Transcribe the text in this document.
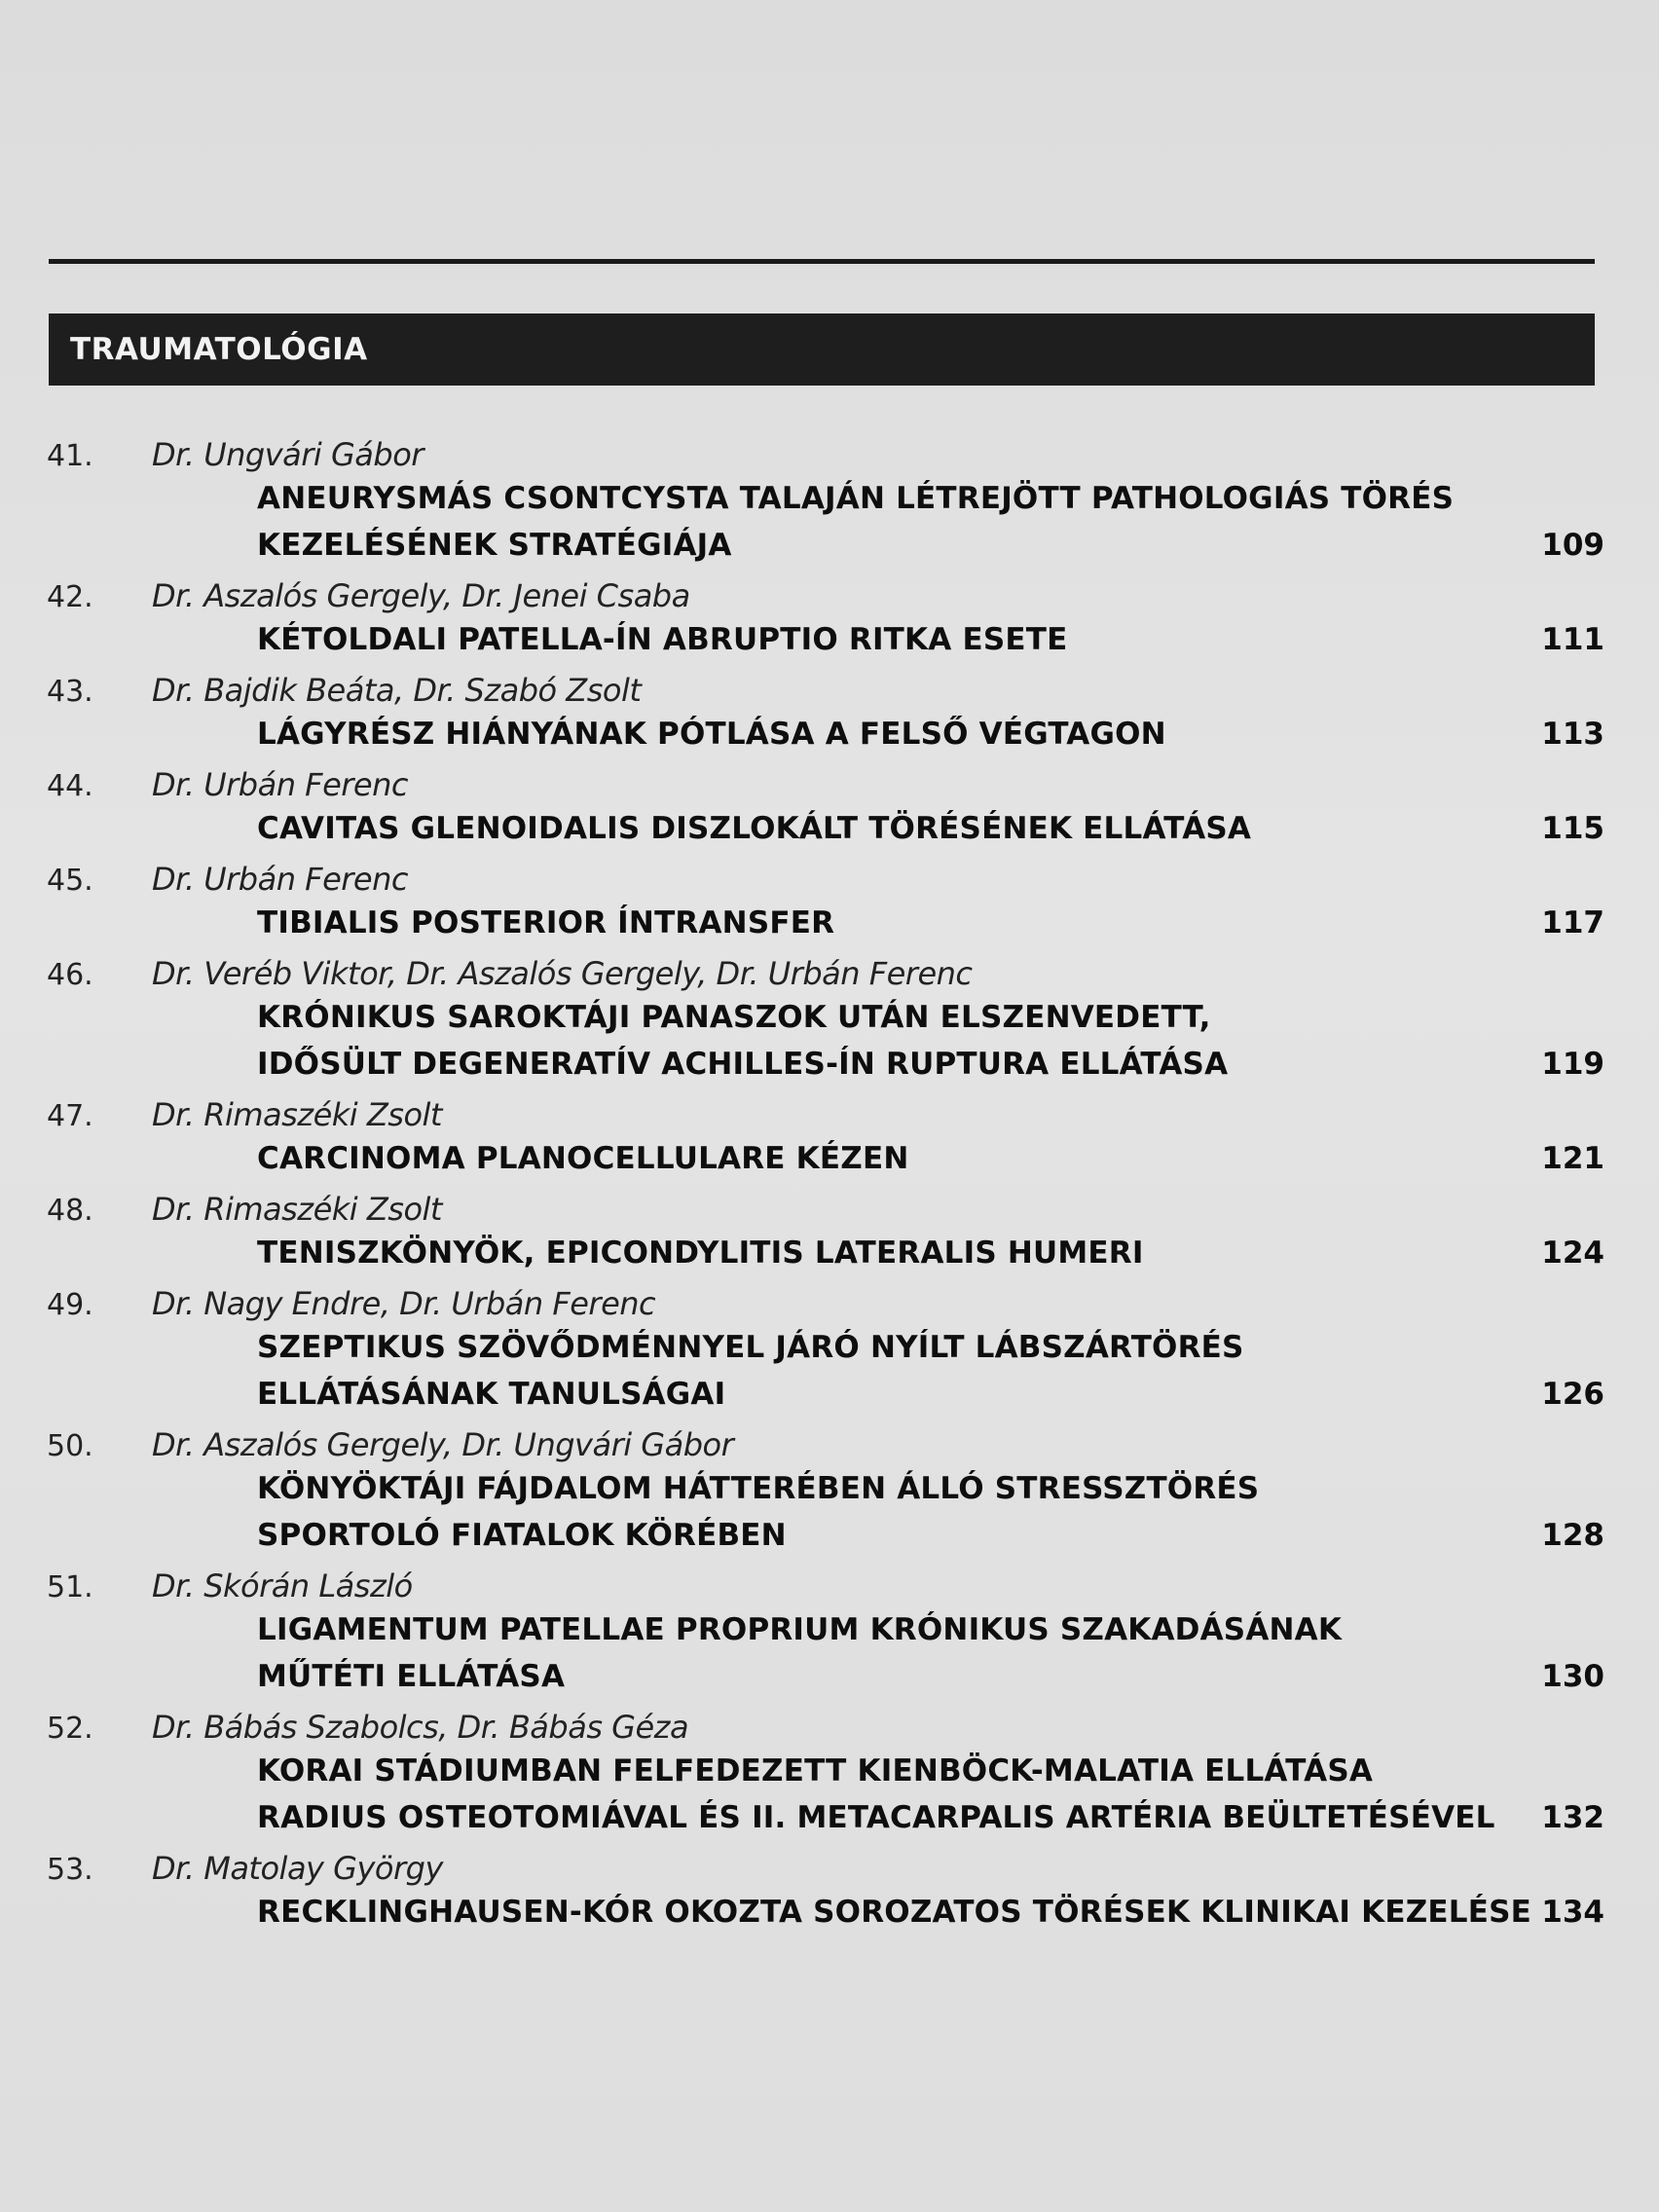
TRAUMATOLÓGIA
41.	Dr. Ungvári Gábor
ANEURYSMÁS CSONTCYSTA TALAJÁN LÉTREJÖTT PATHOLOGIÁS TÖRÉS
KEZELÉSÉNEK STRATÉGIÁJA	109
42.	Dr. Aszalós Gergely, Dr. Jenei Csaba
KÉTOLDALI PATELLA-ÍN ABRUPTIO RITKA ESETE	111
43.	Dr. Bajdik Beáta, Dr. Szabó Zsolt
LÁGYRÉSZ HIÁNYÁNAK PÓTLÁSA A FELSŐ VÉGTAGON	113
44.	Dr. Urbán Ferenc
CAVITAS GLENOIDALIS DISZLOKÁLT TÖRÉSÉNEK ELLÁTÁSA	115
45.	Dr. Urbán Ferenc
TIBIALIS POSTERIOR ÍNTRANSFER	117
46.	Dr. Veréb Viktor, Dr. Aszalós Gergely, Dr. Urbán Ferenc
KRÓNIKUS SAROKTÁJI PANASZOK UTÁN ELSZENVEDETT,
IDŐSÜLT DEGENERATÍV ACHILLES-ÍN RUPTURA ELLÁTÁSA	119
47.	Dr. Rimaszéki Zsolt
CARCINOMA PLANOCELLULARE KÉZEN	121
48.	Dr. Rimaszéki Zsolt
TENISZKÖNYÖK, EPICONDYLITIS LATERALIS HUMERI	124
49.	Dr. Nagy Endre, Dr. Urbán Ferenc
SZEPTIKUS SZÖVŐDMÉNNYEL JÁRÓ NYÍLT LÁBSZÁRTÖRÉS
ELLÁTÁSÁNAK TANULSÁGAI	126
50.	Dr. Aszalós Gergely, Dr. Ungvári Gábor
KÖNYÖKTÁJI FÁJDALOM HÁTTERÉBEN ÁLLÓ STRESSZTÖRÉS
SPORTOLÓ FIATALOK KÖRÉBEN	128
51.	Dr. Skórán László
LIGAMENTUM PATELLAE PROPRIUM KRÓNIKUS SZAKADÁSÁNAK
MŰTÉTI ELLÁTÁSA	130
52.	Dr. Bábás Szabolcs, Dr. Bábás Géza
KORAI STÁDIUMBAN FELFEDEZETT KIENBÖCK-MALATIA ELLÁTÁSA
RADIUS OSTEOTOMIÁVAL ÉS II. METACARPALIS ARTÉRIA BEÜLTETÉSÉVEL	132
53.	Dr. Matolay György
RECKLINGHAUSEN-KÓR OKOZTA SOROZATOS TÖRÉSEK KLINIKAI KEZELÉSE 134
